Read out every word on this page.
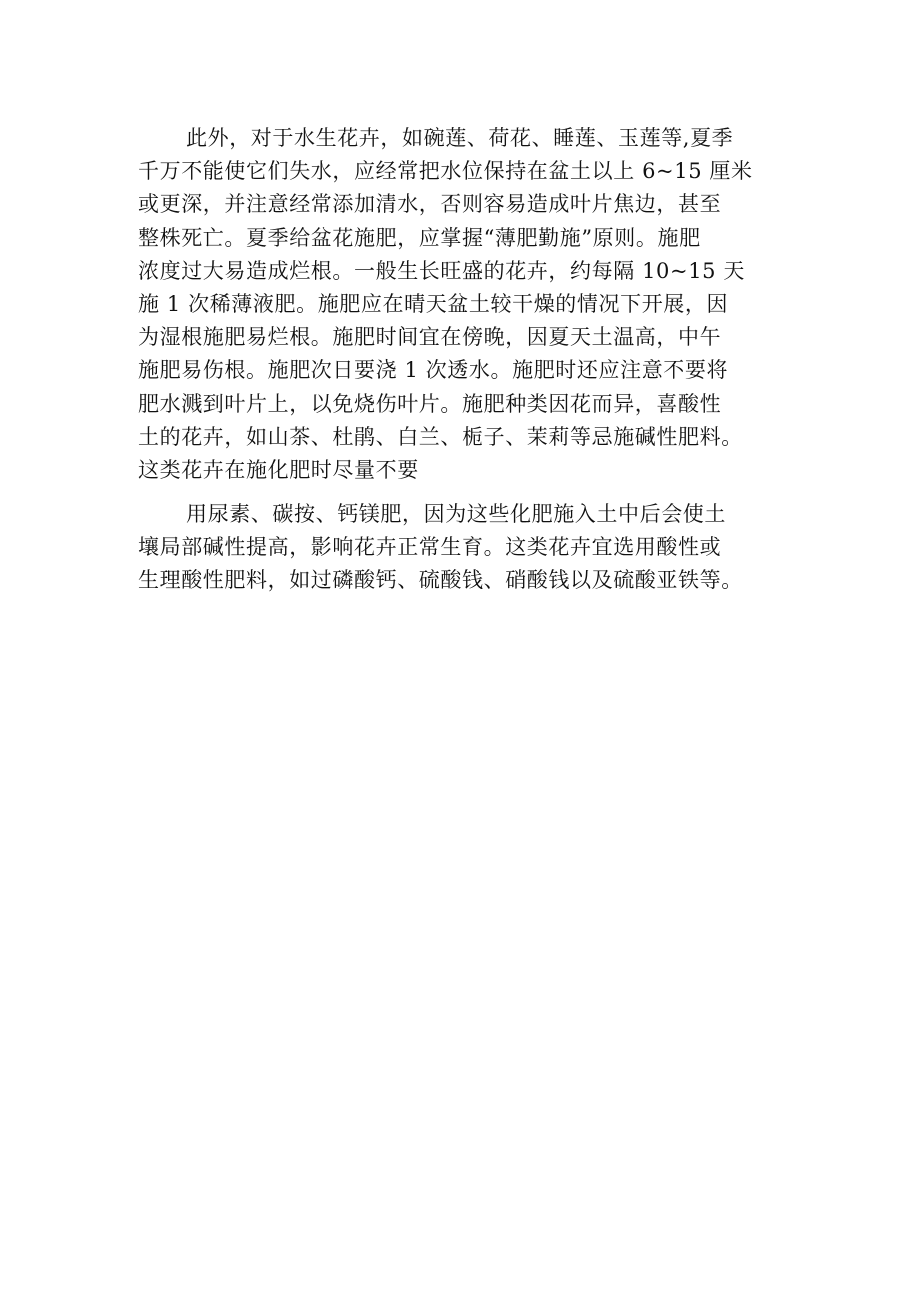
此外，对于水生花卉，如碗莲、荷花、睡莲、玉莲等,夏季
千万不能使它们失水，应经常把水位保持在盆土以上 6~15 厘米
或更深，并注意经常添加清水，否则容易造成叶片焦边，甚至
整株死亡。夏季给盆花施肥，应掌握“薄肥勤施”原则。施肥
浓度过大易造成烂根。一般生长旺盛的花卉，约每隔 10~15 天
施 1 次稀薄液肥。施肥应在晴天盆土较干燥的情况下开展，因
为湿根施肥易烂根。施肥时间宜在傍晚，因夏天土温高，中午
施肥易伤根。施肥次日要浇 1 次透水。施肥时还应注意不要将
肥水溅到叶片上，以免烧伤叶片。施肥种类因花而异，喜酸性
土的花卉，如山茶、杜鹃、白兰、栀子、茉莉等忌施碱性肥料。
这类花卉在施化肥时尽量不要

用尿素、碳按、钙镁肥，因为这些化肥施入土中后会使土
壤局部碱性提高，影响花卉正常生育。这类花卉宜选用酸性或
生理酸性肥料，如过磷酸钙、硫酸钱、硝酸钱以及硫酸亚铁等。
